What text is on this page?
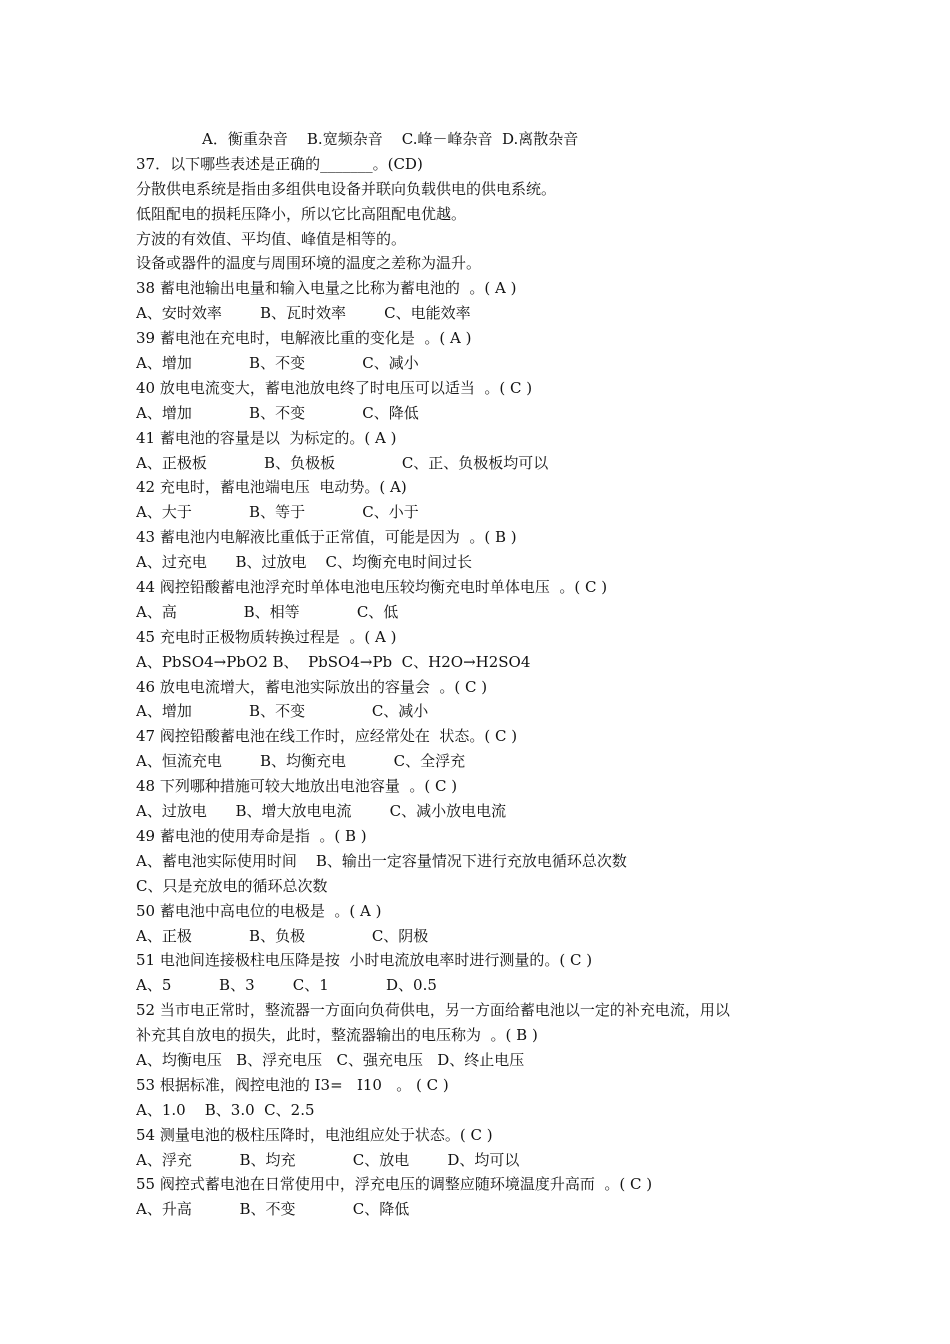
A．衡重杂音    B.宽频杂音    C.峰－峰杂音  D.离散杂音
37．以下哪些表述是正确的_______。(CD)
分散供电系统是指由多组供电设备并联向负载供电的供电系统。
低阻配电的损耗压降小，所以它比高阻配电优越。
方波的有效值、平均值、峰值是相等的。
设备或器件的温度与周围环境的温度之差称为温升。
38 蓄电池输出电量和输入电量之比称为蓄电池的  。( A )
A、安时效率        B、瓦时效率        C、电能效率
39 蓄电池在充电时，电解液比重的变化是  。( A )
A、增加            B、不变            C、减小
40 放电电流变大，蓄电池放电终了时电压可以适当  。( C )
A、增加            B、不变            C、降低
41 蓄电池的容量是以  为标定的。( A )
A、正极板            B、负极板              C、正、负极板均可以
42 充电时，蓄电池端电压  电动势。( A)
A、大于            B、等于            C、小于
43 蓄电池内电解液比重低于正常值，可能是因为  。( B )
A、过充电      B、过放电    C、均衡充电时间过长
44 阀控铅酸蓄电池浮充时单体电池电压较均衡充电时单体电压  。( C )
A、高              B、相等            C、低
45 充电时正极物质转换过程是  。( A )
A、PbSO4→PbO2 B、  PbSO4→Pb  C、H2O→H2SO4
46 放电电流增大，蓄电池实际放出的容量会  。( C )
A、增加            B、不变              C、减小
47 阀控铅酸蓄电池在线工作时，应经常处在  状态。( C )
A、恒流充电        B、均衡充电          C、全浮充
48 下列哪种措施可较大地放出电池容量  。( C )
A、过放电      B、增大放电电流        C、减小放电电流
49 蓄电池的使用寿命是指  。( B )
A、蓄电池实际使用时间    B、输出一定容量情况下进行充放电循环总次数
C、只是充放电的循环总次数
50 蓄电池中高电位的电极是  。( A )
A、正极            B、负极              C、阴极
51 电池间连接极柱电压降是按  小时电流放电率时进行测量的。( C )
A、5          B、3        C、1            D、0.5
52 当市电正常时，整流器一方面向负荷供电，另一方面给蓄电池以一定的补充电流，用以
补充其自放电的损失，此时，整流器输出的电压称为  。( B )
A、均衡电压   B、浮充电压   C、强充电压   D、终止电压
53 根据标准，阀控电池的 I3=   I10   。 ( C )
A、1.0    B、3.0  C、2.5
54 测量电池的极柱压降时，电池组应处于状态。( C )
A、浮充          B、均充            C、放电        D、均可以
55 阀控式蓄电池在日常使用中，浮充电压的调整应随环境温度升高而  。( C )
A、升高          B、不变            C、降低
